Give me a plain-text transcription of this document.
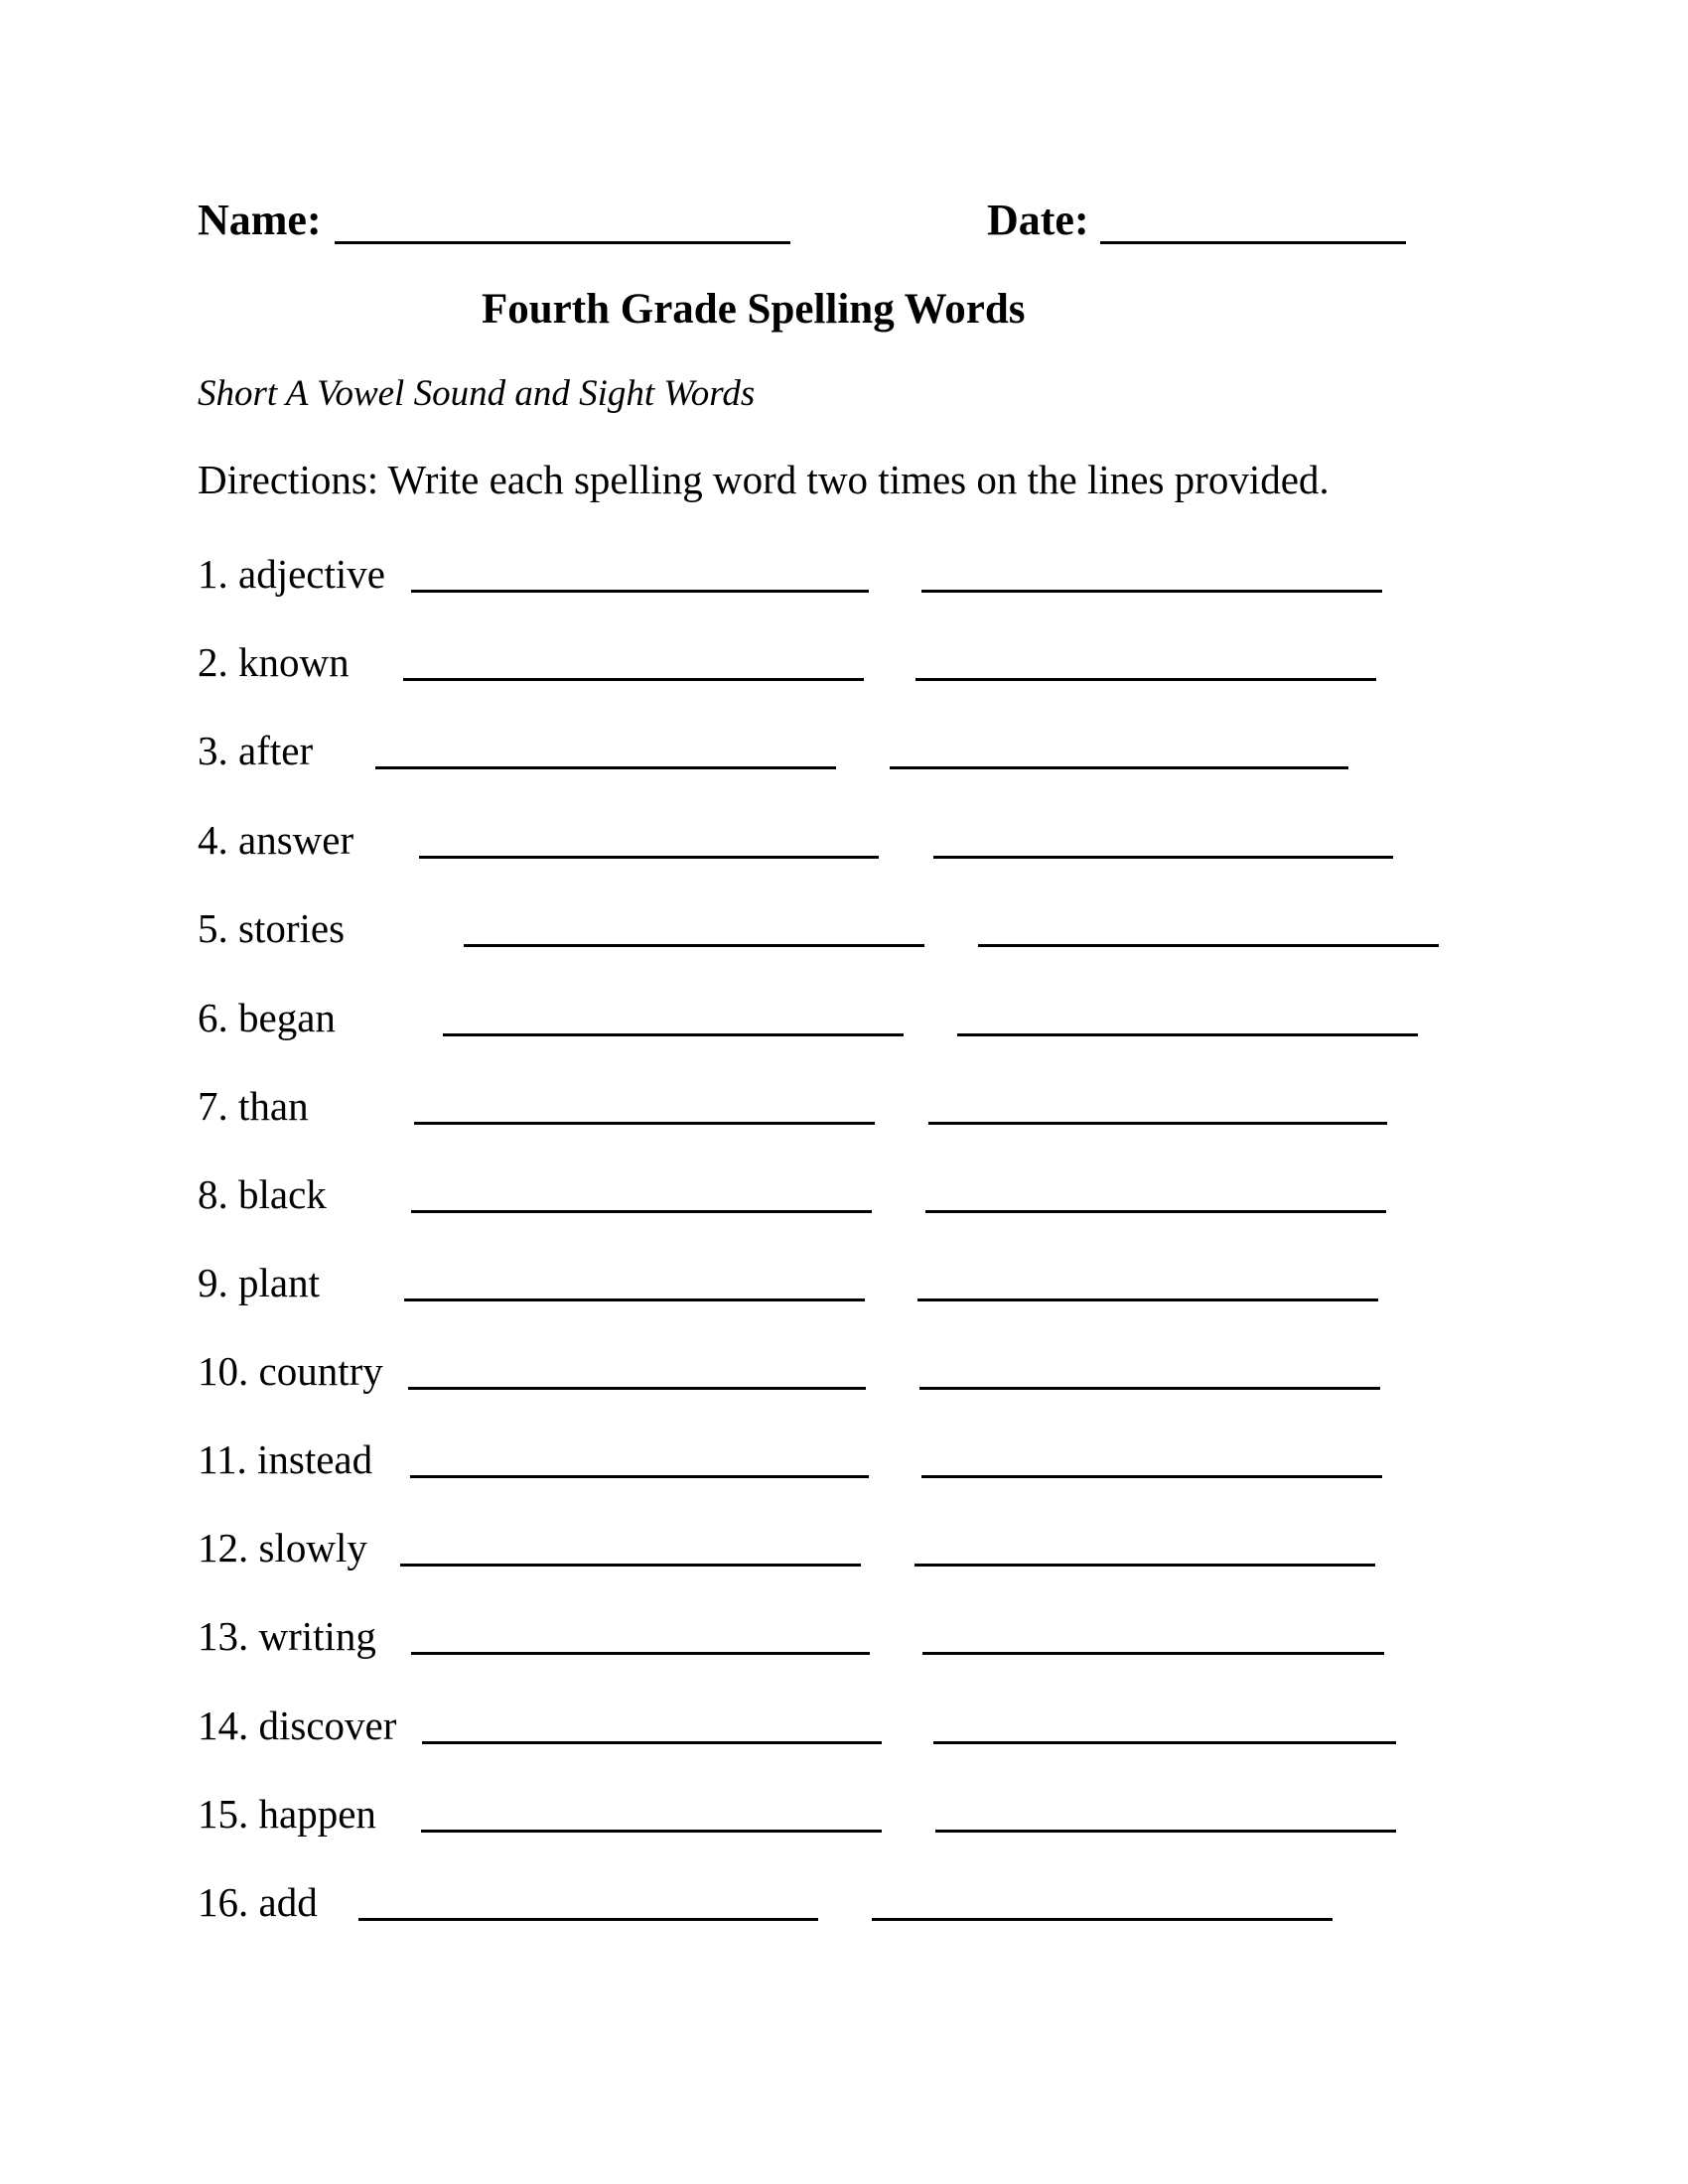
Name:	Date:
Fourth Grade Spelling Words
Short A Vowel Sound and Sight Words
Directions: Write each spelling word two times on the lines provided.
1. adjective
2. known
3. after
4. answer
5. stories
6. began
7. than
8. black
9. plant
10. country
11. instead
12. slowly
13. writing
14. discover
15. happen
16. add
